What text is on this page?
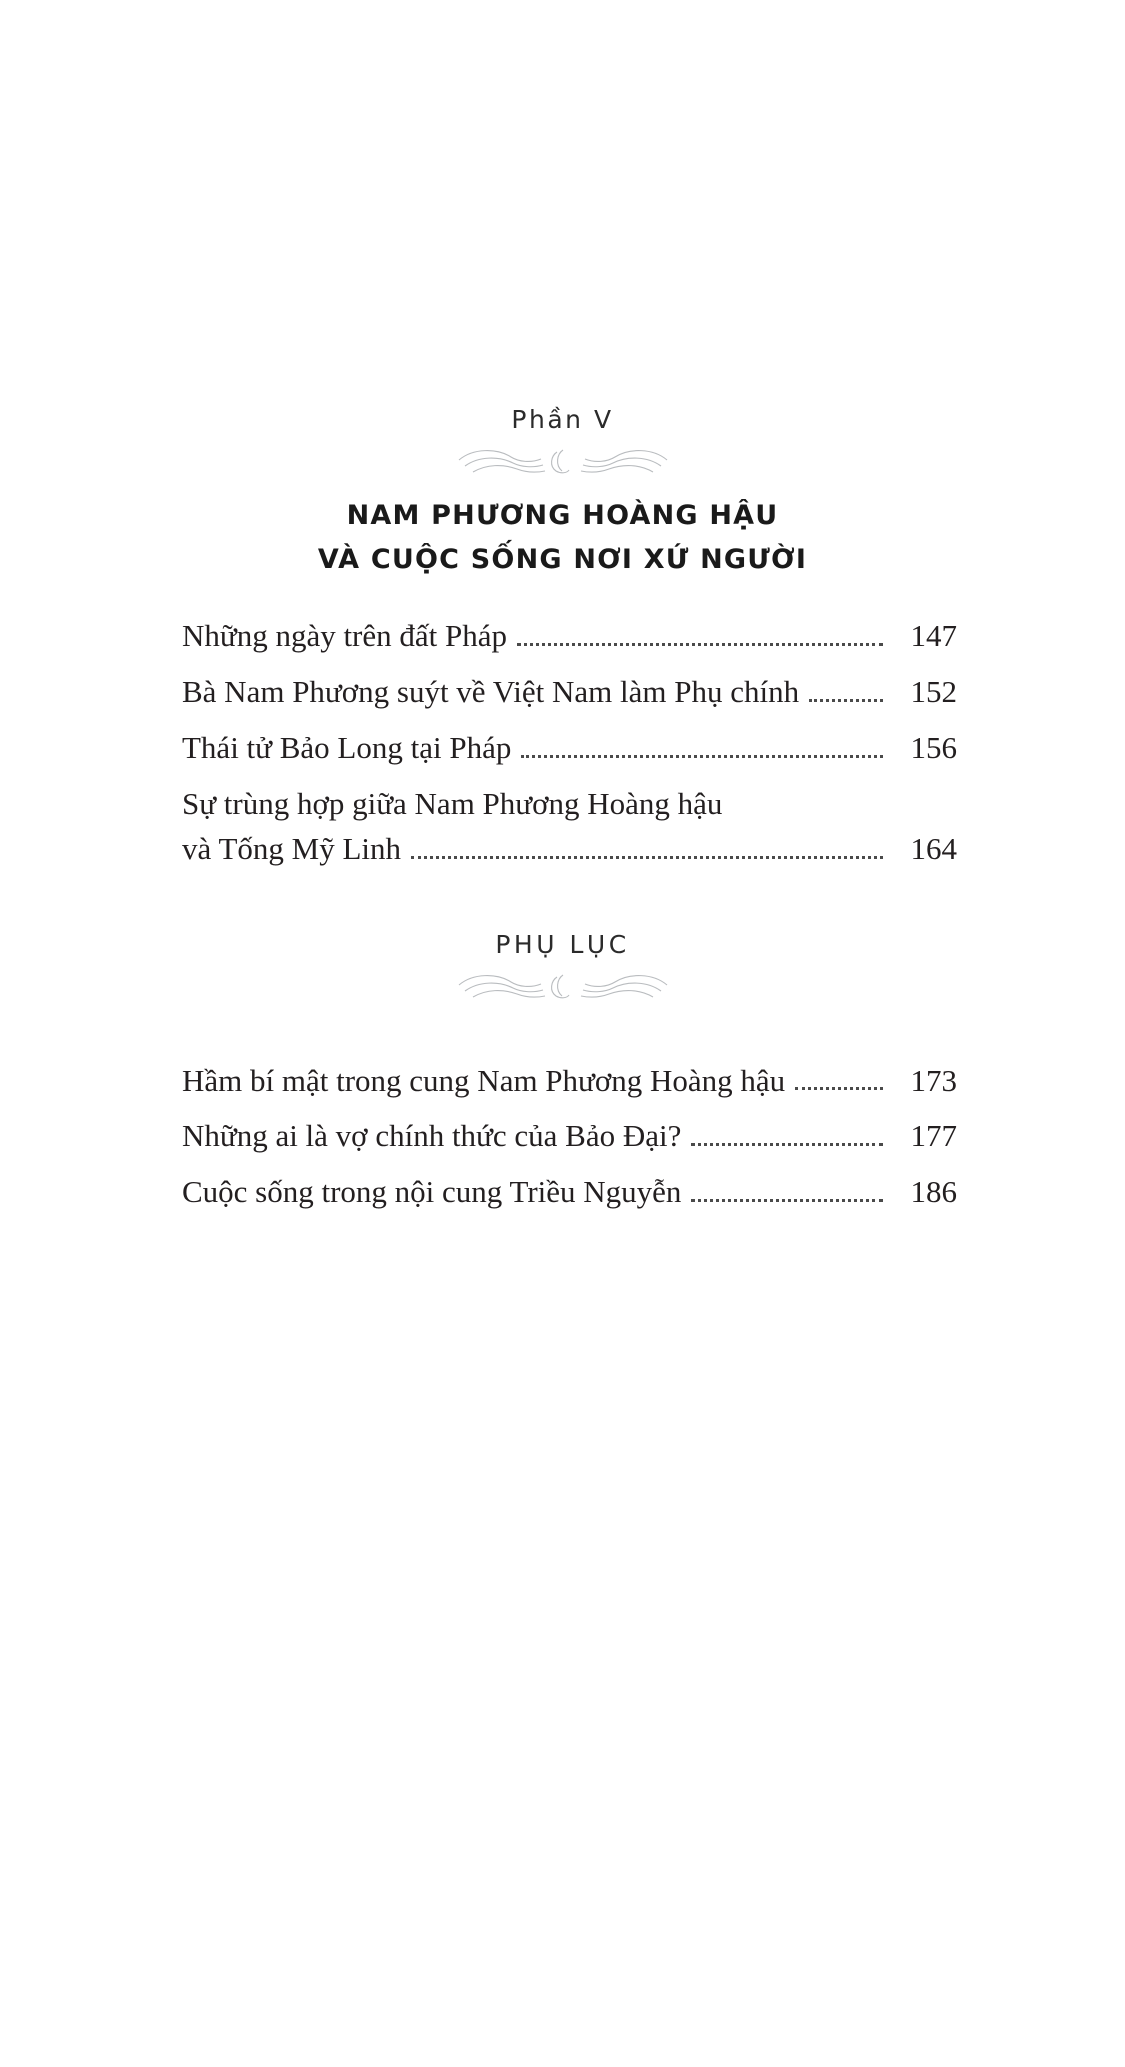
Phần V
NAM PHƯƠNG HOÀNG HẬU
VÀ CUỘC SỐNG NƠI XỨ NGƯỜI
Những ngày trên đất Pháp	147
Bà Nam Phương suýt về Việt Nam làm Phụ chính	152
Thái tử Bảo Long tại Pháp	156
Sự trùng hợp giữa Nam Phương Hoàng hậu
và Tống Mỹ Linh	164
PHỤ LỤC
Hầm bí mật trong cung Nam Phương Hoàng hậu	173
Những ai là vợ chính thức của Bảo Đại?	177
Cuộc sống trong nội cung Triều Nguyễn	186
